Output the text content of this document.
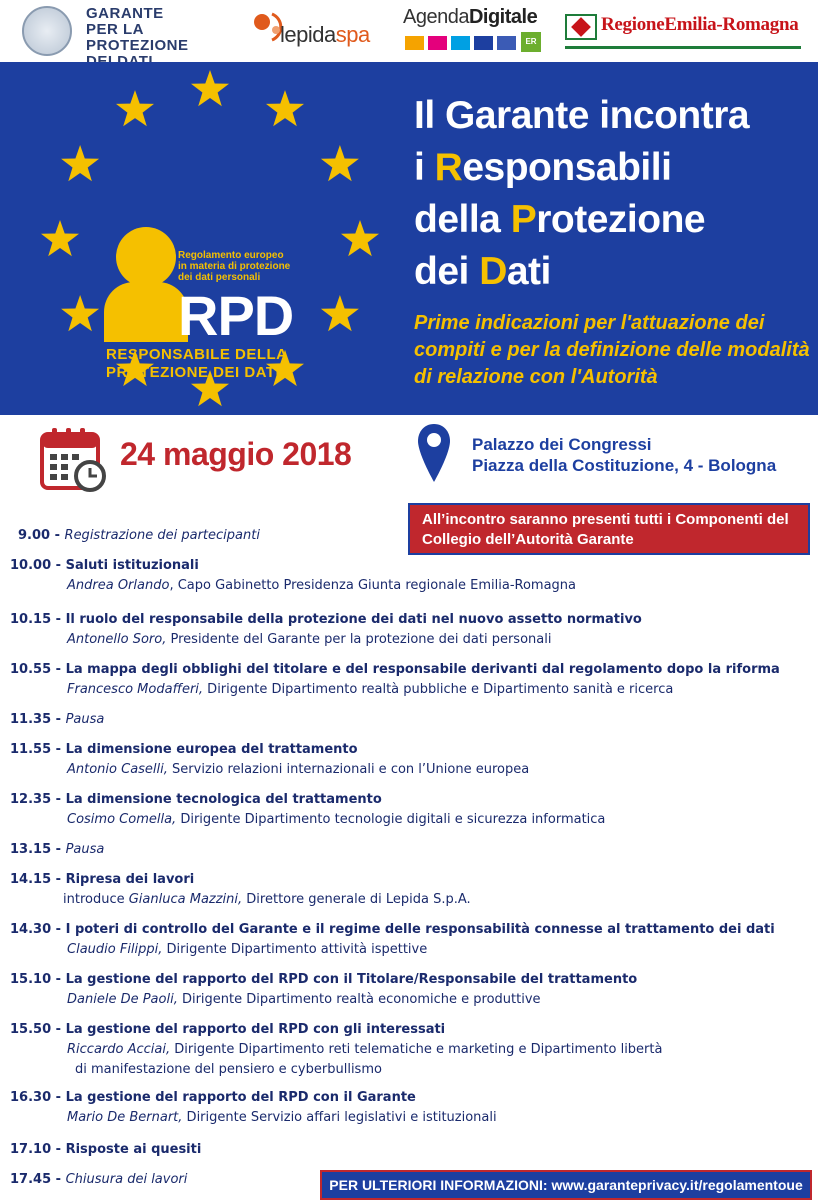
GARANTE
PER LA PROTEZIONE	lepidaspa
AgendaDigitale
ER
RegioneEmilia-Romagna
Regolamento europeo
in materia di protezione
dei dati personali
RPD
RESPONSABILE DELLA
PROTEZIONE DEI DATI
Il Garante incontra
i Responsabili
della Protezione
dei Dati
Prime indicazioni per l'attuazione dei compiti e per la definizione delle modalità di relazione con l'Autorità
24 maggio 2018	Palazzo dei Congressi
Piazza della Costituzione, 4 - Bologna
All’incontro saranno presenti tutti i Componenti del Collegio dell’Autorità Garante
9.00 - Registrazione dei partecipanti
10.00 - Saluti istituzionali
Andrea Orlando, Capo Gabinetto Presidenza Giunta regionale Emilia-Romagna
10.15 - Il ruolo del responsabile della protezione dei dati nel nuovo assetto normativo
Antonello Soro, Presidente del Garante per la protezione dei dati personali
10.55 - La mappa degli obblighi del titolare e del responsabile derivanti dal regolamento dopo la riforma
Francesco Modafferi, Dirigente Dipartimento realtà pubbliche e Dipartimento sanità e ricerca
11.35 - Pausa
11.55 - La dimensione europea del trattamento
Antonio Caselli, Servizio relazioni internazionali e con l’Unione europea
12.35 - La dimensione tecnologica del trattamento
Cosimo Comella, Dirigente Dipartimento tecnologie digitali e sicurezza informatica
13.15 - Pausa
14.15 - Ripresa dei lavori
introduce Gianluca Mazzini, Direttore generale di Lepida S.p.A.
14.30 - I poteri di controllo del Garante e il regime delle responsabilità connesse al trattamento dei dati
Claudio Filippi, Dirigente Dipartimento attività ispettive
15.10 - La gestione del rapporto del RPD con il Titolare/Responsabile del trattamento
Daniele De Paoli, Dirigente Dipartimento realtà economiche e produttive
15.50 - La gestione del rapporto del RPD con gli interessati
Riccardo Acciai, Dirigente Dipartimento reti telematiche e marketing e Dipartimento libertà
di manifestazione del pensiero e cyberbullismo
16.30 - La gestione del rapporto del RPD con il Garante
Mario De Bernart, Dirigente Servizio affari legislativi e istituzionali
17.10 - Risposte ai quesiti
17.45 - Chiusura dei lavori	PER ULTERIORI INFORMAZIONI: www.garanteprivacy.it/regolamentoue
